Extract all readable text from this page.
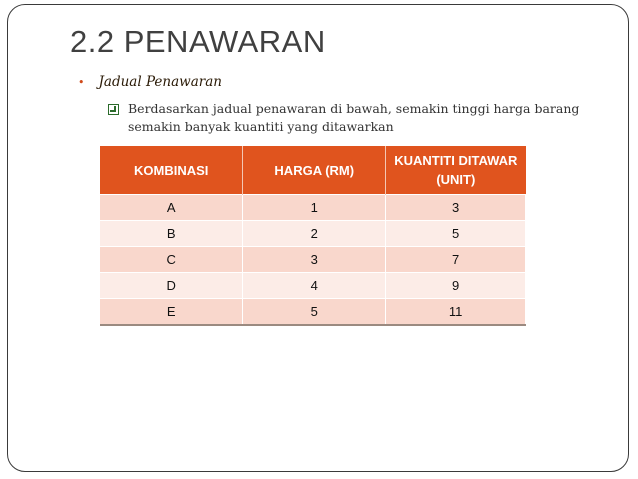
2.2 PENAWARAN
• Jadual Penawaran
Berdasarkan jadual penawaran di bawah, semakin tinggi harga barang semakin banyak kuantiti yang ditawarkan
KOMBINASI	HARGA (RM)	KUANTITI DITAWAR (UNIT)
A	1	3
B	2	5
C	3	7
D	4	9
E	5	11
